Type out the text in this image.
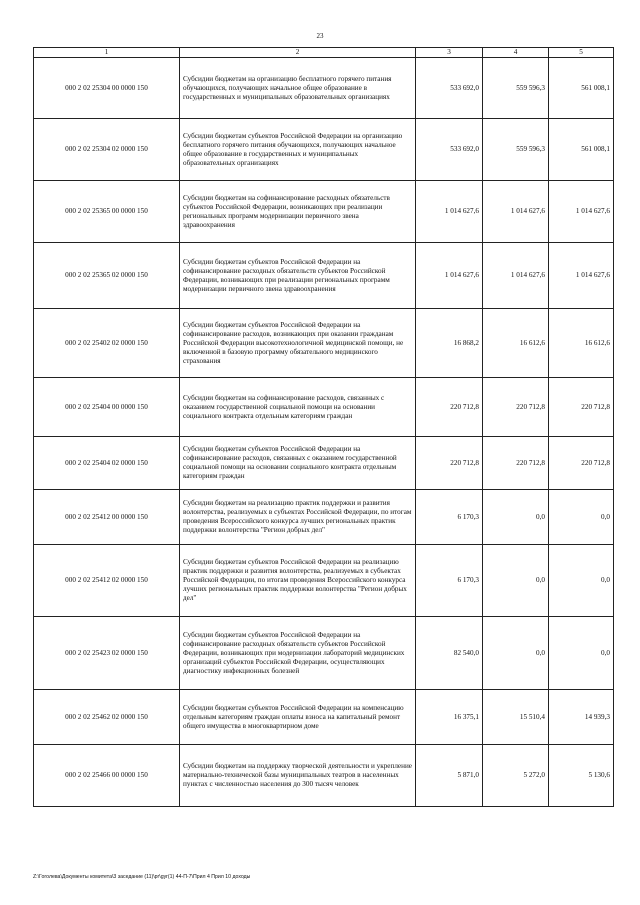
23
1	2	3	4	5
000 2 02 25304 00 0000 150	Субсидии бюджетам на организацию бесплатного горячего питания обучающихся, получающих начальное общее образование в государственных и муниципальных образовательных организациях	533 692,0	559 596,3	561 008,1
000 2 02 25304 02 0000 150	Субсидии бюджетам субъектов Российской Федерации на организацию бесплатного горячего питания обучающихся, получающих начальное общее образование в государственных и муниципальных образовательных организациях	533 692,0	559 596,3	561 008,1
000 2 02 25365 00 0000 150	Субсидии бюджетам на софинансирование расходных обязательств субъектов Российской Федерации, возникающих при реализации региональных программ модернизации первичного звена здравоохранения	1 014 627,6	1 014 627,6	1 014 627,6
000 2 02 25365 02 0000 150	Субсидии бюджетам субъектов Российской Федерации на софинансирование расходных обязательств субъектов Российской Федерации, возникающих при реализации региональных программ модернизации первичного звена здравоохранения	1 014 627,6	1 014 627,6	1 014 627,6
000 2 02 25402 02 0000 150	Субсидии бюджетам субъектов Российской Федерации на софинансирование расходов, возникающих при оказании гражданам Российской Федерации высокотехнологичной медицинской помощи, не включенной в базовую программу обязательного медицинского страхования	16 868,2	16 612,6	16 612,6
000 2 02 25404 00 0000 150	Субсидии бюджетам на софинансирование расходов, связанных с оказанием государственной социальной помощи на основании социального контракта отдельным категориям граждан	220 712,8	220 712,8	220 712,8
000 2 02 25404 02 0000 150	Субсидии бюджетам субъектов Российской Федерации на софинансирование расходов, связанных с оказанием государственной социальной помощи на основании социального контракта отдельным категориям граждан	220 712,8	220 712,8	220 712,8
000 2 02 25412 00 0000 150	Субсидии бюджетам на реализацию практик поддержки и развития волонтерства, реализуемых в субъектах Российской Федерации, по итогам проведения Всероссийского конкурса лучших региональных практик поддержки волонтерства "Регион добрых дел"	6 170,3	0,0	0,0
000 2 02 25412 02 0000 150	Субсидии бюджетам субъектов Российской Федерации на реализацию практик поддержки и развития волонтерства, реализуемых в субъектах Российской Федерации, по итогам проведения Всероссийского конкурса лучших региональных практик поддержки волонтерства "Регион добрых дел"	6 170,3	0,0	0,0
000 2 02 25423 02 0000 150	Субсидии бюджетам субъектов Российской Федерации на софинансирование расходных обязательств субъектов Российской Федерации, возникающих при модернизации лабораторий медицинских организаций субъектов Российской Федерации, осуществляющих диагностику инфекционных болезней	82 540,0	0,0	0,0
000 2 02 25462 02 0000 150	Субсидии бюджетам субъектов Российской Федерации на компенсацию отдельным категориям граждан оплаты взноса на капитальный ремонт общего имущества в многоквартирном доме	16 375,1	15 510,4	14 939,3
000 2 02 25466 00 0000 150	Субсидии бюджетам на поддержку творческой деятельности и укрепление материально-технической базы муниципальных театров в населенных пунктах с численностью населения до 300 тысяч человек	5 871,0	5 272,0	5 130,6
Z:\Гоголева\Документы комитета\3 заседание (11)\pr\gyr(1) 44-П-7\Прил 4 Прил 10 доходы
